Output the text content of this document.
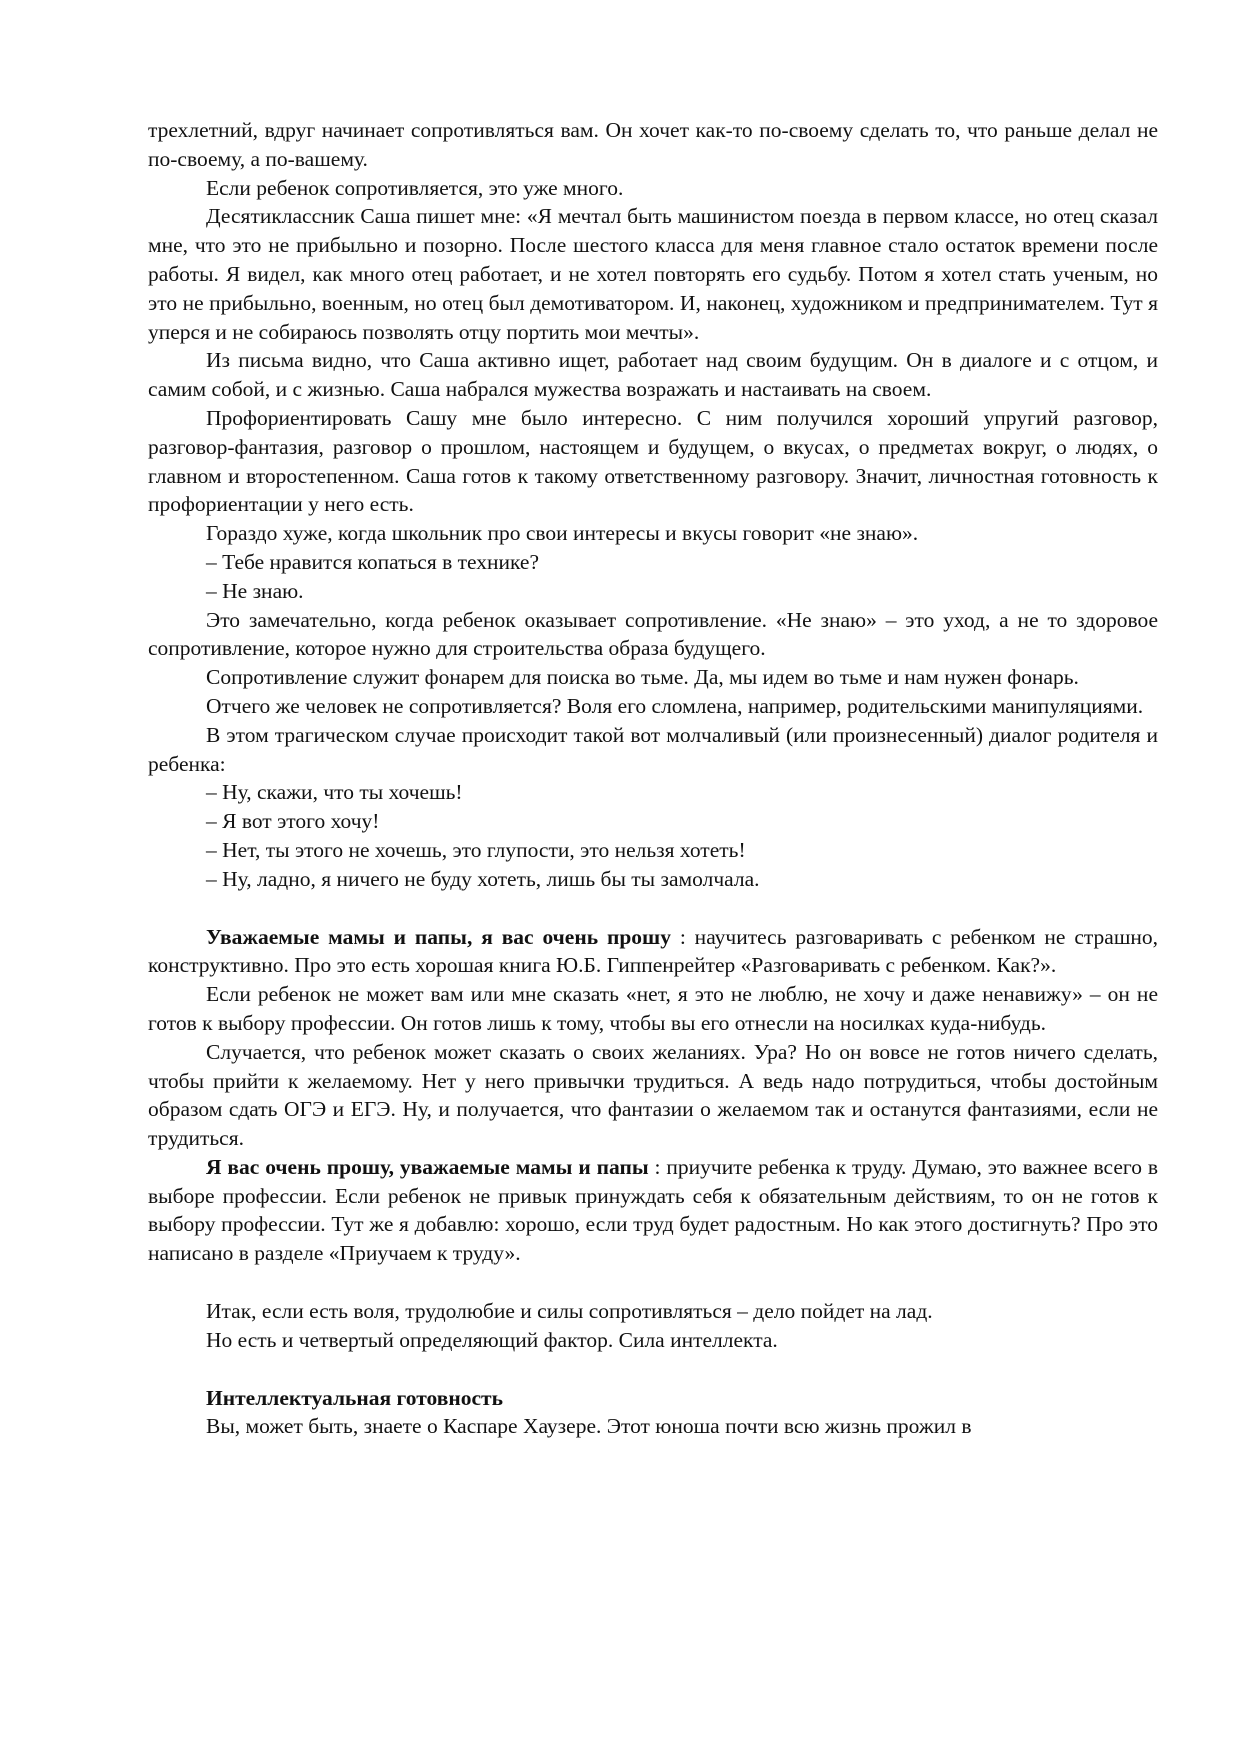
трехлетний, вдруг начинает сопротивляться вам. Он хочет как-то по-своему сделать то, что раньше делал не по-своему, а по-вашему.

Если ребенок сопротивляется, это уже много.

Десятиклассник Саша пишет мне: «Я мечтал быть машинистом поезда в первом классе, но отец сказал мне, что это не прибыльно и позорно. После шестого класса для меня главное стало остаток времени после работы. Я видел, как много отец работает, и не хотел повторять его судьбу. Потом я хотел стать ученым, но это не прибыльно, военным, но отец был демотиватором. И, наконец, художником и предпринимателем. Тут я уперся и не собираюсь позволять отцу портить мои мечты».

Из письма видно, что Саша активно ищет, работает над своим будущим. Он в диалоге и с отцом, и самим собой, и с жизнью. Саша набрался мужества возражать и настаивать на своем.

Профориентировать Сашу мне было интересно. С ним получился хороший упругий разговор, разговор-фантазия, разговор о прошлом, настоящем и будущем, о вкусах, о предметах вокруг, о людях, о главном и второстепенном. Саша готов к такому ответственному разговору. Значит, личностная готовность к профориентации у него есть.

Гораздо хуже, когда школьник про свои интересы и вкусы говорит «не знаю».

– Тебе нравится копаться в технике?

– Не знаю.

Это замечательно, когда ребенок оказывает сопротивление. «Не знаю» – это уход, а не то здоровое сопротивление, которое нужно для строительства образа будущего.

Сопротивление служит фонарем для поиска во тьме. Да, мы идем во тьме и нам нужен фонарь.

Отчего же человек не сопротивляется? Воля его сломлена, например, родительскими манипуляциями.

В этом трагическом случае происходит такой вот молчаливый (или произнесенный) диалог родителя и ребенка:

– Ну, скажи, что ты хочешь!

– Я вот этого хочу!

– Нет, ты этого не хочешь, это глупости, это нельзя хотеть!

– Ну, ладно, я ничего не буду хотеть, лишь бы ты замолчала.

Уважаемые мамы и папы, я вас очень прошу : научитесь разговаривать с ребенком не страшно, конструктивно. Про это есть хорошая книга Ю.Б. Гиппенрейтер «Разговаривать с ребенком. Как?».

Если ребенок не может вам или мне сказать «нет, я это не люблю, не хочу и даже ненавижу» – он не готов к выбору профессии. Он готов лишь к тому, чтобы вы его отнесли на носилках куда-нибудь.

Случается, что ребенок может сказать о своих желаниях. Ура? Но он вовсе не готов ничего сделать, чтобы прийти к желаемому. Нет у него привычки трудиться. А ведь надо потрудиться, чтобы достойным образом сдать ОГЭ и ЕГЭ. Ну, и получается, что фантазии о желаемом так и останутся фантазиями, если не трудиться.

Я вас очень прошу, уважаемые мамы и папы : приучите ребенка к труду. Думаю, это важнее всего в выборе профессии. Если ребенок не привык принуждать себя к обязательным действиям, то он не готов к выбору профессии. Тут же я добавлю: хорошо, если труд будет радостным. Но как этого достигнуть? Про это написано в разделе «Приучаем к труду».

Итак, если есть воля, трудолюбие и силы сопротивляться – дело пойдет на лад.

Но есть и четвертый определяющий фактор. Сила интеллекта.

Интеллектуальная готовность

Вы, может быть, знаете о Каспаре Хаузере. Этот юноша почти всю жизнь прожил в
